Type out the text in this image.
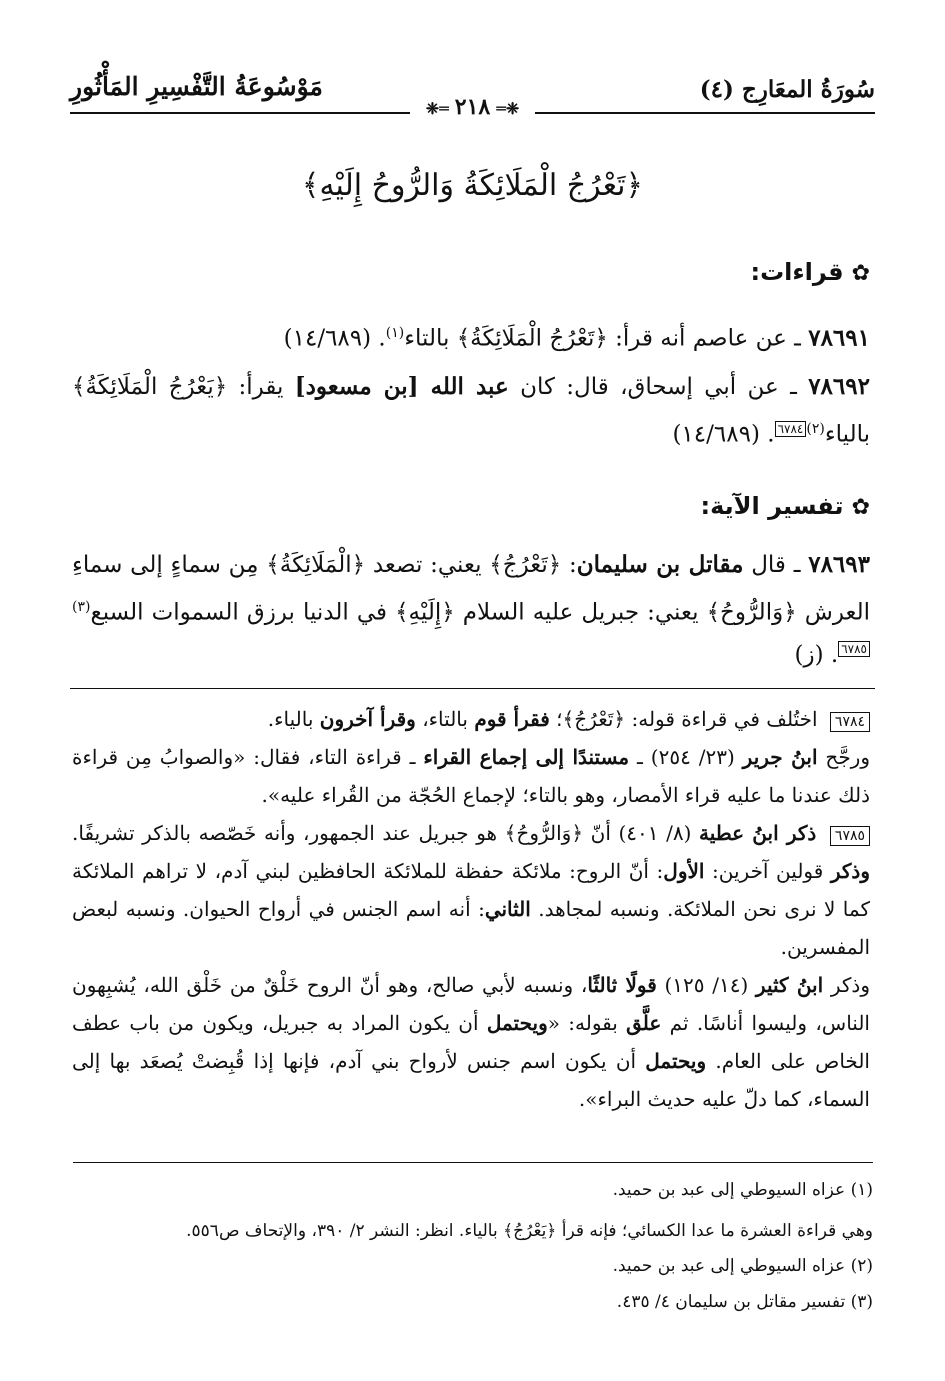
سُورَةُ المعَارِج (٤)
مَوْسُوعَةُ التَّفْسِيرِ المَأْثُورِ
❈═٢١٨═❈
﴿تَعْرُجُ الْمَلَائِكَةُ وَالرُّوحُ إِلَيْهِ﴾
✿قراءات:
٧٨٦٩١ ـ عن عاصم أنه قرأ: ﴿تَعْرُجُ الْمَلَائِكَةُ﴾ بالتاء$^{(١)}$. (١٤/٦٨٩)
٧٨٦٩٢ ـ عن أبي إسحاق، قال: كان عبد الله [بن مسعود] يقرأ: ﴿يَعْرُجُ الْمَلَائِكَةُ﴾ بالياء$^{(٢)}$٦٧٨٤. (١٤/٦٨٩)
✿تفسير الآية:
٧٨٦٩٣ ـ قال مقاتل بن سليمان: ﴿تَعْرُجُ﴾ يعني: تصعد ﴿الْمَلَائِكَةُ﴾ مِن سماءٍ إلى سماءِ العرش ﴿وَالرُّوحُ﴾ يعني: جبريل عليه السلام ﴿إِلَيْهِ﴾ في الدنيا برزق السموات السبع$^{(٣)}$٦٧٨٥. (ز)
٦٧٨٤ اختُلف في قراءة قوله: ﴿تَعْرُجُ﴾؛ فقرأ قوم بالتاء، وقرأ آخرون بالياء.
ورجَّح ابنُ جرير (٢٣/ ٢٥٤) ـ مستندًا إلى إجماع القراء ـ قراءة التاء، فقال: «والصوابُ مِن قراءة ذلك عندنا ما عليه قراء الأمصار، وهو بالتاء؛ لإجماع الحُجّة من القُراء عليه».
٦٧٨٥ ذكر ابنُ عطية (٨/ ٤٠١) أنّ ﴿وَالرُّوحُ﴾ هو جبريل عند الجمهور، وأنه خَصّصه بالذكر تشريفًا. وذكر قولين آخرين: الأول: أنّ الروح: ملائكة حفظة للملائكة الحافظين لبني آدم، لا تراهم الملائكة كما لا نرى نحن الملائكة. ونسبه لمجاهد. الثاني: أنه اسم الجنس في أرواح الحيوان. ونسبه لبعض المفسرين.
وذكر ابنُ كثير (١٤/ ١٢٥) قولًا ثالثًا، ونسبه لأبي صالح، وهو أنّ الروح خَلْقٌ من خَلْق الله، يُشبِهون الناس، وليسوا أناسًا. ثم علَّق بقوله: «ويحتمل أن يكون المراد به جبريل، ويكون من باب عطف الخاص على العام. ويحتمل أن يكون اسم جنس لأرواح بني آدم، فإنها إذا قُبِضتْ يُصعَد بها إلى السماء، كما دلّ عليه حديث البراء».
(١) عزاه السيوطي إلى عبد بن حميد.
وهي قراءة العشرة ما عدا الكسائي؛ فإنه قرأ ﴿يَعْرُجُ﴾ بالياء. انظر: النشر ٢/ ٣٩٠، والإتحاف ص٥٥٦.
(٢) عزاه السيوطي إلى عبد بن حميد.
(٣) تفسير مقاتل بن سليمان ٤/ ٤٣٥.
